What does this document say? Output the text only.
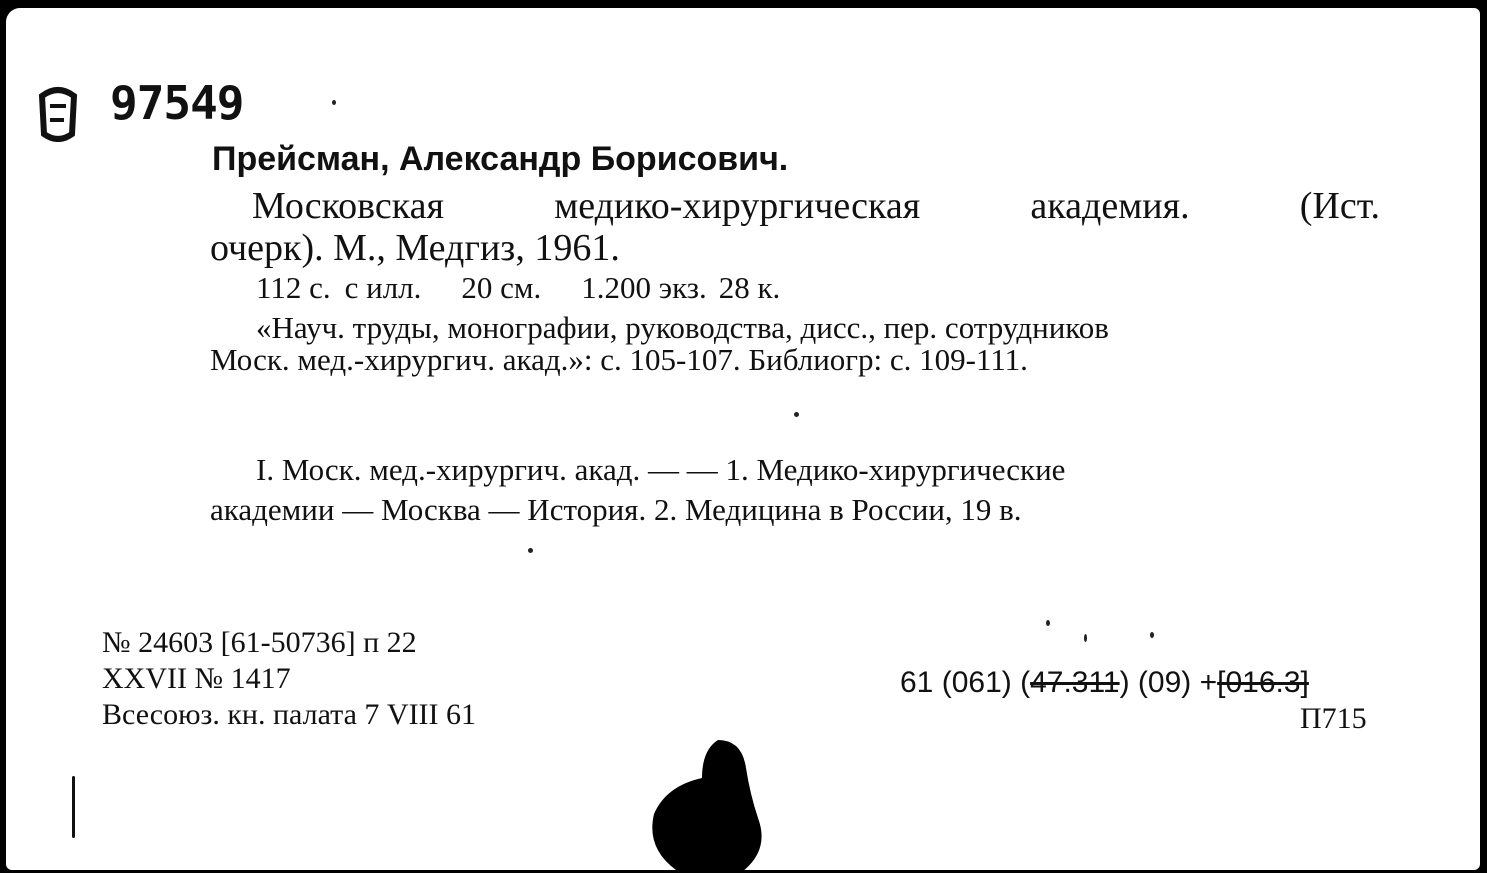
97549
Прейсман, Александр Борисович.
Московская	медико-хирургическая	академия.	(Ист.
очерк). М., Медгиз, 1961.
112 с. с илл. 20 см. 1.200 экз. 28 к.
«Науч. труды, монографии, руководства, дисс., пер. сотрудников
Моск. мед.-хирургич. акад.»: с. 105-107. Библиогр: с. 109-111.
I. Моск. мед.-хирургич. акад. — — 1. Медико-хирургические
академии — Москва — История. 2. Медицина в России, 19 в.
№ 24603 [61-50736] п 22
XXVII № 1417
Всесоюз. кн. палата 7 VIII 61
61 (061) (47.311) (09) +[016.3]
П715
